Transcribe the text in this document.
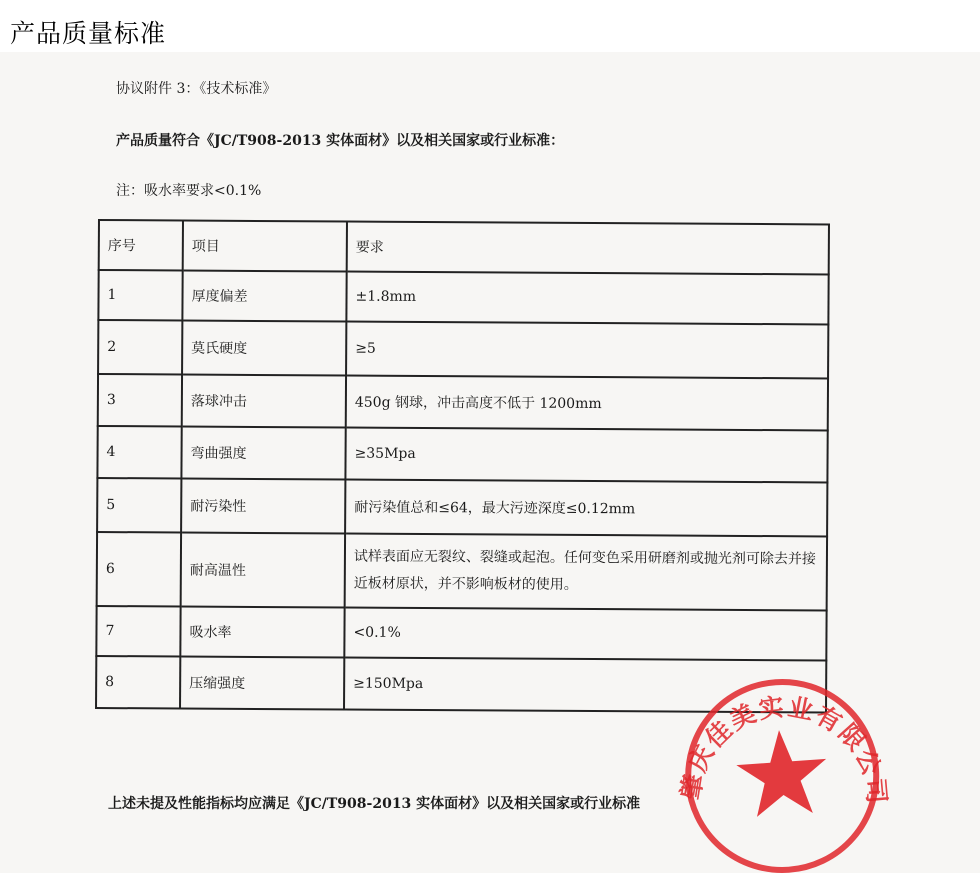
产品质量标准
协议附件 3：《技术标准》
产品质量符合《JC/T908-2013 实体面材》以及相关国家或行业标准：
注：吸水率要求<0.1%
序号	项目	要求
1	厚度偏差	±1.8mm
2	莫氏硬度	≥5
3	落球冲击	450g 钢球，冲击高度不低于 1200mm
4	弯曲强度	≥35Mpa
5	耐污染性	耐污染值总和≤64，最大污迹深度≤0.12mm
6	耐高温性	试样表面应无裂纹、裂缝或起泡。任何变色采用研磨剂或抛光剂可除去并接近板材原状，并不影响板材的使用。
7	吸水率	<0.1%
8	压缩强度	≥150Mpa
上述未提及性能指标均应满足《JC/T908-2013 实体面材》以及相关国家或行业标准
肇庆佳美实业有限公司
